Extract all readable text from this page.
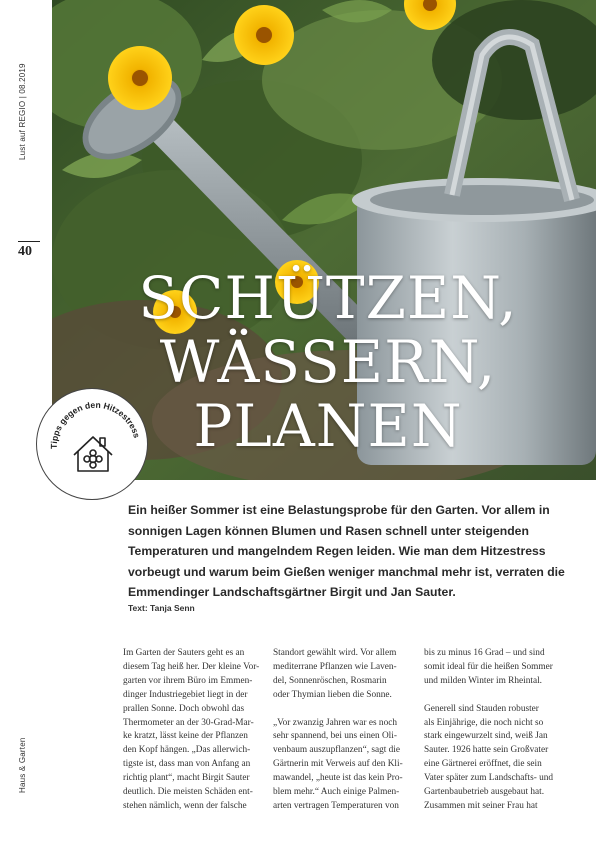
Lust auf REGIO | 08.2019
40
Haus & Garten
SCHÜTZEN,
WÄSSERN,
PLANEN
Tipps gegen den Hitzestress
Ein heißer Sommer ist eine Belastungsprobe für den Garten. Vor allem in sonnigen Lagen können Blumen und Rasen schnell unter steigenden Temperaturen und mangelndem Regen leiden. Wie man dem Hitzestress vorbeugt und warum beim Gießen weniger manchmal mehr ist, verraten die Emmendinger Landschaftsgärtner Birgit und Jan Sauter.
Text: Tanja Senn

Im Garten der Sauters geht es an
diesem Tag heiß her. Der kleine Vor-
garten vor ihrem Büro im Emmen-
dinger Industriegebiet liegt in der
prallen Sonne. Doch obwohl das
Thermometer an der 30-Grad-Mar-
ke kratzt, lässt keine der Pflanzen
den Kopf hängen. „Das allerwich-
tigste ist, dass man von Anfang an
richtig plant“, macht Birgit Sauter
deutlich. Die meisten Schäden ent-
stehen nämlich, wenn der falsche

Standort gewählt wird. Vor allem
mediterrane Pflanzen wie Laven-
del, Sonnenröschen, Rosmarin
oder Thymian lieben die Sonne.

„Vor zwanzig Jahren war es noch
sehr spannend, bei uns einen Oli-
venbaum auszupflanzen“, sagt die
Gärtnerin mit Verweis auf den Kli-
mawandel, „heute ist das kein Pro-
blem mehr.“ Auch einige Palmen-
arten vertragen Temperaturen von

bis zu minus 16 Grad – und sind
somit ideal für die heißen Sommer
und milden Winter im Rheintal.

Generell sind Stauden robuster
als Einjährige, die noch nicht so
stark eingewurzelt sind, weiß Jan
Sauter. 1926 hatte sein Großvater
eine Gärtnerei eröffnet, die sein
Vater später zum Landschafts- und
Gartenbaubetrieb ausgebaut hat.
Zusammen mit seiner Frau hat
